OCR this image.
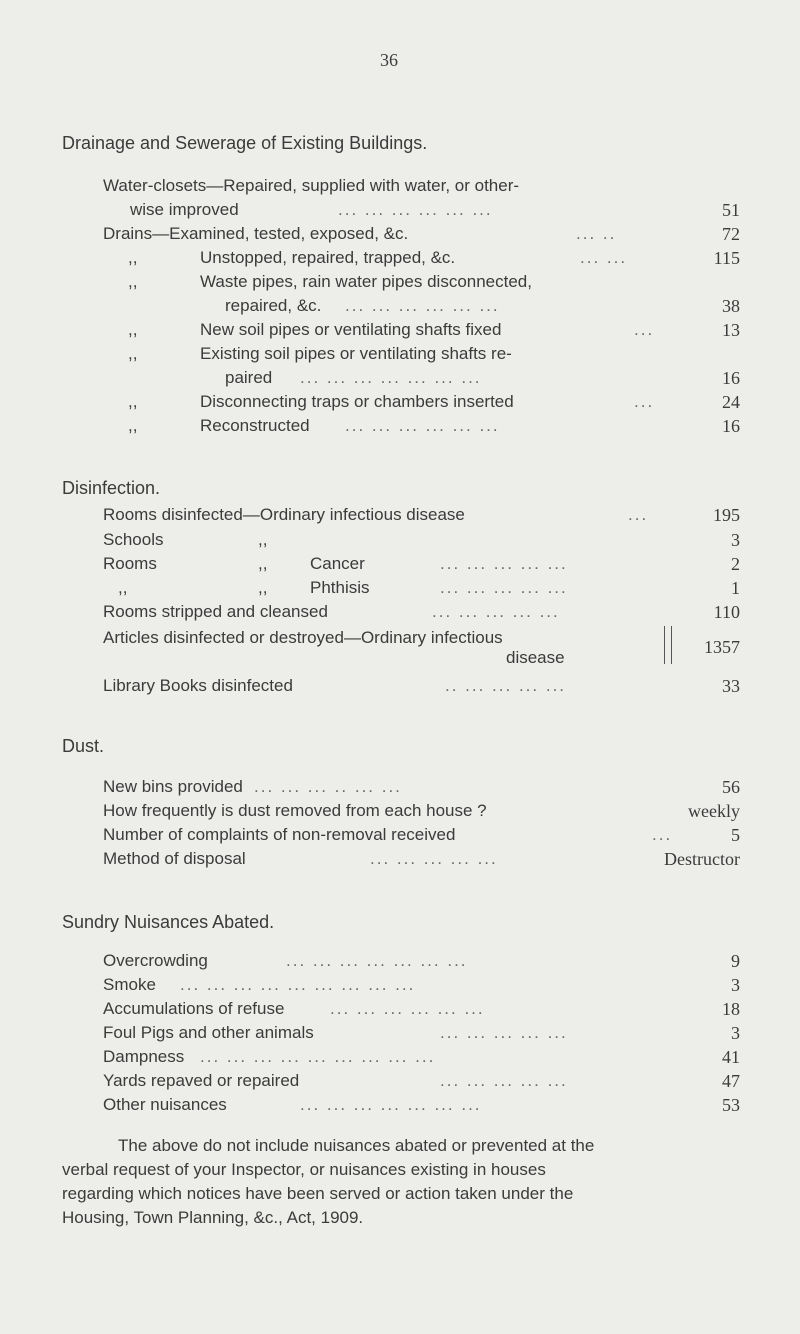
36
Drainage and Sewerage of Existing Buildings.
Water-closets—Repaired, supplied with water, or other-
wise improved	... ... ... ... ... ...	51
Drains—Examined, tested, exposed, &c.	... ..	72
,,	Unstopped, repaired, trapped, &c.	... ...	115
,,	Waste pipes, rain water pipes disconnected,
repaired, &c. ... ... ... ... ... ...	38
,,	New soil pipes or ventilating shafts fixed	...	13
,,	Existing soil pipes or ventilating shafts re-
paired ... ... ... ... ... ... ...	16
,,	Disconnecting traps or chambers inserted	...	24
,,	Reconstructed ... ... ... ... ... ...	16
Disinfection.
Rooms disinfected—Ordinary infectious disease	...	195
Schools	,,	3
Rooms	,,	Cancer	... ... ... ... ...	2
,,	,,	Phthisis	... ... ... ... ...	1
Rooms stripped and cleansed	... ... ... ... ...	110
Articles disinfected or destroyed—Ordinary infectious
disease
1357
Library Books disinfected	.. ... ... ... ...	33
Dust.
New bins provided ... ... ... .. ... ...	56
How frequently is dust removed from each house ?	weekly
Number of complaints of non-removal received	...	5
Method of disposal	... ... ... ... ...	Destructor
Sundry Nuisances Abated.
Overcrowding	... ... ... ... ... ... ...	9
Smoke ... ... ... ... ... ... ... ... ...	3
Accumulations of refuse	... ... ... ... ... ...	18
Foul Pigs and other animals	... ... ... ... ...	3
Dampness ... ... ... ... ... ... ... ... ...	41
Yards repaved or repaired	... ... ... ... ...	47
Other nuisances	... ... ... ... ... ... ...	53
The above do not include nuisances abated or prevented at the
verbal request of your Inspector, or nuisances existing in houses
regarding which notices have been served or action taken under the
Housing, Town Planning, &c., Act, 1909.
